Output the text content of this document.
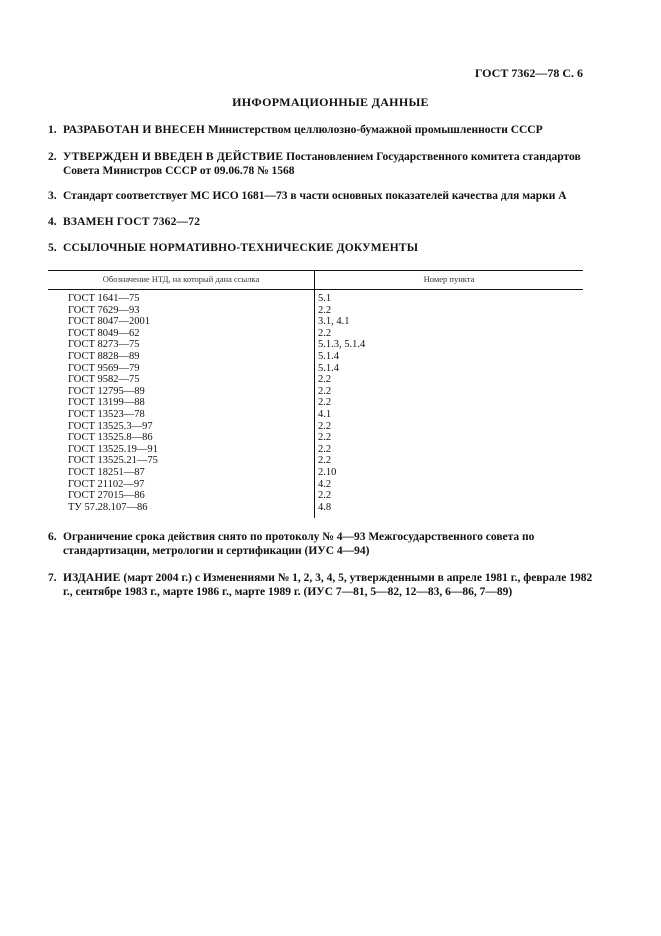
ГОСТ 7362—78 С. 6
ИНФОРМАЦИОННЫЕ ДАННЫЕ
1. РАЗРАБОТАН И ВНЕСЕН Министерством целлюлозно-бумажной промышленности СССР
2. УТВЕРЖДЕН И ВВЕДЕН В ДЕЙСТВИЕ Постановлением Государственного комитета стандартов Совета Министров СССР от 09.06.78 № 1568
3. Стандарт соответствует МС ИСО 1681—73 в части основных показателей качества для марки А
4. ВЗАМЕН ГОСТ 7362—72
5. ССЫЛОЧНЫЕ НОРМАТИВНО-ТЕХНИЧЕСКИЕ ДОКУМЕНТЫ
Обозначение НТД, на который дана ссылка	Номер пункта
ГОСТ 1641—75	5.1
ГОСТ 7629—93	2.2
ГОСТ 8047—2001	3.1, 4.1
ГОСТ 8049—62	2.2
ГОСТ 8273—75	5.1.3, 5.1.4
ГОСТ 8828—89	5.1.4
ГОСТ 9569—79	5.1.4
ГОСТ 9582—75	2.2
ГОСТ 12795—89	2.2
ГОСТ 13199—88	2.2
ГОСТ 13523—78	4.1
ГОСТ 13525.3—97	2.2
ГОСТ 13525.8—86	2.2
ГОСТ 13525.19—91	2.2
ГОСТ 13525.21—75	2.2
ГОСТ 18251—87	2.10
ГОСТ 21102—97	4.2
ГОСТ 27015—86	2.2
ТУ 57.28.107—86	4.8
6. Ограничение срока действия снято по протоколу № 4—93 Межгосударственного совета по стандартизации, метрологии и сертификации (ИУС 4—94)
7. ИЗДАНИЕ (март 2004 г.) с Изменениями № 1, 2, 3, 4, 5, утвержденными в апреле 1981 г., феврале 1982 г., сентябре 1983 г., марте 1986 г., марте 1989 г. (ИУС 7—81, 5—82, 12—83, 6—86, 7—89)
